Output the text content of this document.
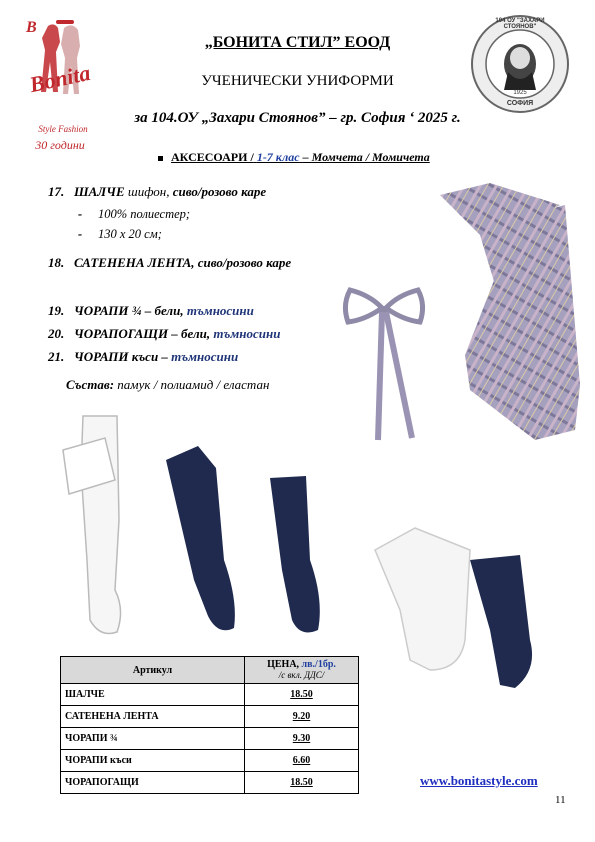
B
Bonita
Style Fashion
30 години
104 ОУ "ЗАХАРИ СТОЯНОВ"
1925
СОФИЯ
„БОНИТА СТИЛ” ЕООД
УЧЕНИЧЕСКИ УНИФОРМИ
за 104.ОУ „Захари Стоянов” – гр. София ‘ 2025 г.
АКСЕСОАРИ / 1-7 клас – Момчета / Момичета
17. ШАЛЧЕ шифон, сиво/розово каре
- 100% полиестер;
- 130 х 20 см;
18. САТЕНЕНА ЛЕНТА, сиво/розово каре
19. ЧОРАПИ ¾ – бели, тъмносини
20. ЧОРАПОГАЩИ – бели, тъмносини
21. ЧОРАПИ къси – тъмносини
Състав: памук / полиамид / еластан
Артикул	ЦЕНА, лв./1бр.
/с вкл. ДДС/
ШАЛЧЕ	18.50
САТЕНЕНА ЛЕНТА	9.20
ЧОРАПИ ¾	9.30
ЧОРАПИ къси	6.60
ЧОРАПОГАЩИ	18.50	www.bonitastyle.com
11
